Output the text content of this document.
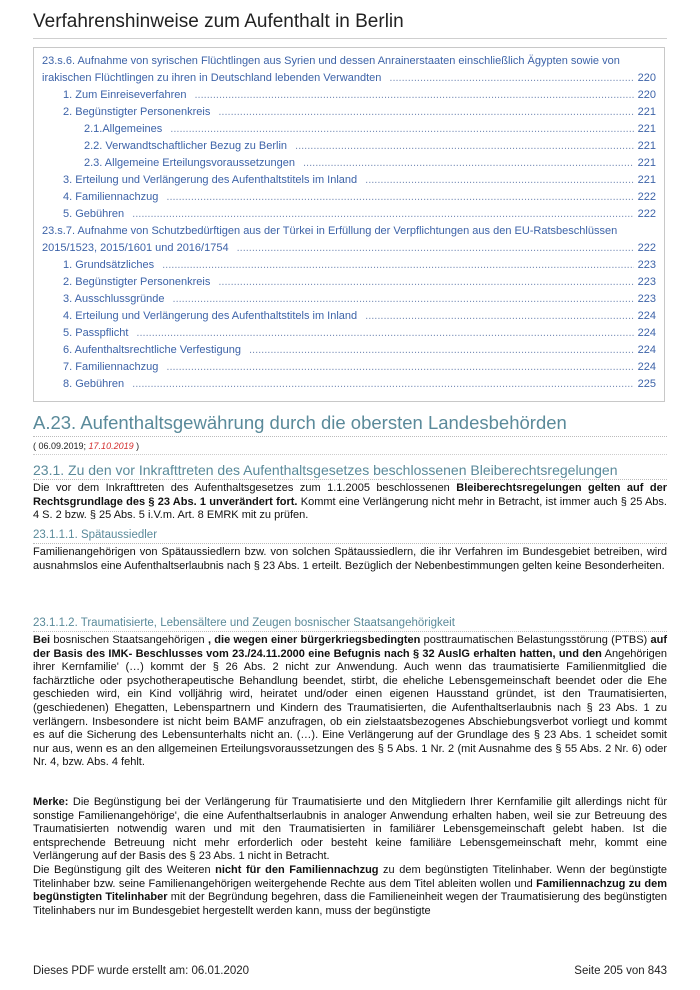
Verfahrenshinweise zum Aufenthalt in Berlin
23.s.6. Aufnahme von syrischen Flüchtlingen aus Syrien und dessen Anrainerstaaten einschließlich Ägypten sowie von
irakischen Flüchtlingen zu ihren in Deutschland lebenden Verwandten .....	220
1. Zum Einreiseverfahren .....	220
2. Begünstigter Personenkreis .....	221
2.1.Allgemeines .....	221
2.2. Verwandtschaftlicher Bezug zu Berlin .....	221
2.3. Allgemeine Erteilungsvoraussetzungen .....	221
3. Erteilung und Verlängerung des Aufenthaltstitels im Inland .....	221
4. Familiennachzug .....	222
5. Gebühren .....	222
23.s.7. Aufnahme von Schutzbedürftigen aus der Türkei in Erfüllung der Verpflichtungen aus den EU-Ratsbeschlüssen
2015/1523, 2015/1601 und 2016/1754 .....	222
1. Grundsätzliches .....	223
2. Begünstigter Personenkreis .....	223
3. Ausschlussgründe .....	223
4. Erteilung und Verlängerung des Aufenthaltstitels im Inland .....	224
5. Passpflicht .....	224
6. Aufenthaltsrechtliche Verfestigung .....	224
7. Familiennachzug .....	224
8. Gebühren .....	225
A.23. Aufenthaltsgewährung durch die obersten Landesbehörden
( 06.09.2019; 17.10.2019 )
23.1. Zu den vor Inkrafttreten des Aufenthaltsgesetzes beschlossenen Bleiberechtsregelungen
Die vor dem Inkrafttreten des Aufenthaltsgesetzes zum 1.1.2005 beschlossenen Bleiberechtsregelungen gelten auf der Rechtsgrundlage des § 23 Abs. 1 unverändert fort. Kommt eine Verlängerung nicht mehr in Betracht, ist immer auch § 25 Abs. 4 S. 2 bzw. § 25 Abs. 5 i.V.m. Art. 8 EMRK mit zu prüfen.
23.1.1.1. Spätaussiedler
Familienangehörigen von Spätaussiedlern bzw. von solchen Spätaussiedlern, die ihr Verfahren im Bundesgebiet betreiben, wird ausnahmslos eine Aufenthaltserlaubnis nach § 23 Abs. 1 erteilt. Bezüglich der Nebenbestimmungen gelten keine Besonderheiten.
23.1.1.2. Traumatisierte, Lebensältere und Zeugen bosnischer Staatsangehörigkeit
Bei bosnischen Staatsangehörigen , die wegen einer bürgerkriegsbedingten posttraumatischen Belastungsstörung (PTBS) auf der Basis des IMK- Beschlusses vom 23./24.11.2000 eine Befugnis nach § 32 AuslG erhalten hatten, und den Angehörigen ihrer Kernfamilie' (…) kommt der § 26 Abs. 2 nicht zur Anwendung. Auch wenn das traumatisierte Familienmitglied die fachärztliche oder psychotherapeutische Behandlung beendet, stirbt, die eheliche Lebensgemeinschaft beendet oder die Ehe geschieden wird, ein Kind volljährig wird, heiratet und/oder einen eigenen Hausstand gründet, ist den Traumatisierten, (geschiedenen) Ehegatten, Lebenspartnern und Kindern des Traumatisierten, die Aufenthaltserlaubnis nach § 23 Abs. 1 zu verlängern. Insbesondere ist nicht beim BAMF anzufragen, ob ein zielstaatsbezogenes Abschiebungsverbot vorliegt und kommt es auf die Sicherung des Lebensunterhalts nicht an. (…). Eine Verlängerung auf der Grundlage des § 23 Abs. 1 scheidet somit nur aus, wenn es an den allgemeinen Erteilungsvoraussetzungen des § 5 Abs. 1 Nr. 2 (mit Ausnahme des § 55 Abs. 2 Nr. 6) oder Nr. 4, bzw. Abs. 4 fehlt.
Merke: Die Begünstigung bei der Verlängerung für Traumatisierte und den Mitgliedern Ihrer Kernfamilie gilt allerdings nicht für sonstige Familienangehörige', die eine Aufenthaltserlaubnis in analoger Anwendung erhalten haben, weil sie zur Betreuung des Traumatisierten notwendig waren und mit den Traumatisierten in familiärer Lebensgemeinschaft gelebt haben. Ist die entsprechende Betreuung nicht mehr erforderlich oder besteht keine familiäre Lebensgemeinschaft mehr, kommt eine Verlängerung auf der Basis des § 23 Abs. 1 nicht in Betracht.
Die Begünstigung gilt des Weiteren nicht für den Familiennachzug zu dem begünstigten Titelinhaber. Wenn der begünstigte Titelinhaber bzw. seine Familienangehörigen weitergehende Rechte aus dem Titel ableiten wollen und Familiennachzug zu dem begünstigten Titelinhaber mit der Begründung begehren, dass die Familieneinheit wegen der Traumatisierung des begünstigten Titelinhabers nur im Bundesgebiet hergestellt werden kann, muss der begünstigte
Dieses PDF wurde erstellt am: 06.01.2020	Seite 205 von 843
